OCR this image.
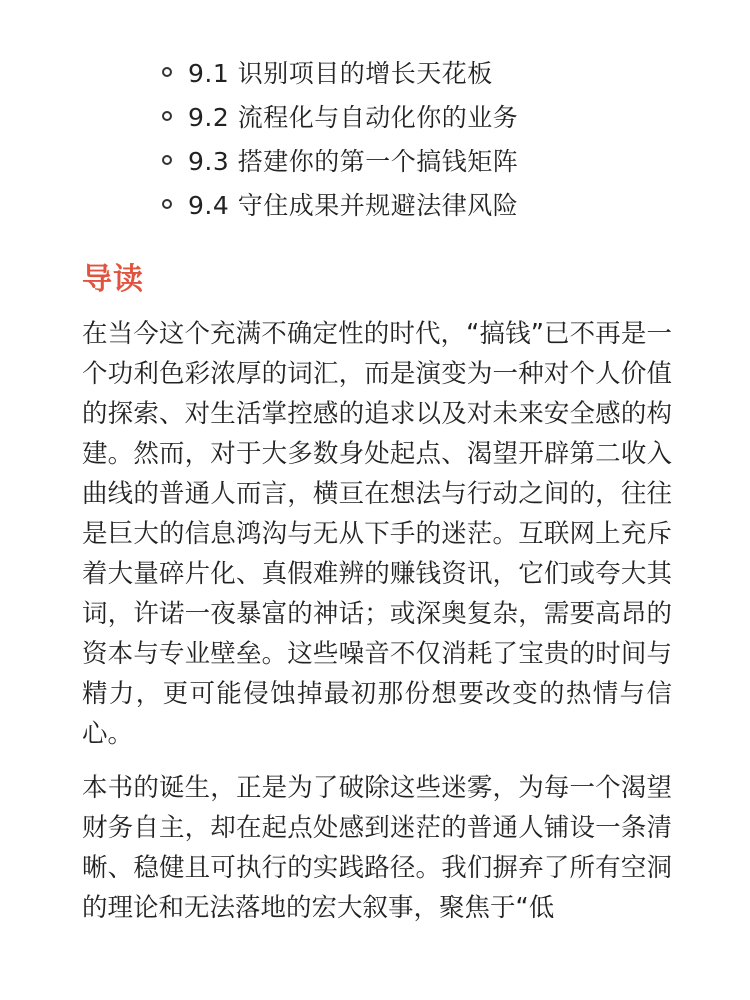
9.1 识别项目的增长天花板
9.2 流程化与自动化你的业务
9.3 搭建你的第一个搞钱矩阵
9.4 守住成果并规避法律风险
导读

在当今这个充满不确定性的时代，“搞钱”已不再是一个功利色彩浓厚的词汇，而是演变为一种对个人价值的探索、对生活掌控感的追求以及对未来安全感的构建。然而，对于大多数身处起点、渴望开辟第二收入曲线的普通人而言，横亘在想法与行动之间的，往往是巨大的信息鸿沟与无从下手的迷茫。互联网上充斥着大量碎片化、真假难辨的赚钱资讯，它们或夸大其词，许诺一夜暴富的神话；或深奥复杂，需要高昂的资本与专业壁垒。这些噪音不仅消耗了宝贵的时间与精力，更可能侵蚀掉最初那份想要改变的热情与信心。

本书的诞生，正是为了破除这些迷雾，为每一个渴望财务自主，却在起点处感到迷茫的普通人铺设一条清晰、稳健且可执行的实践路径。我们摒弃了所有空洞的理论和无法落地的宏大叙事，聚焦于“低
